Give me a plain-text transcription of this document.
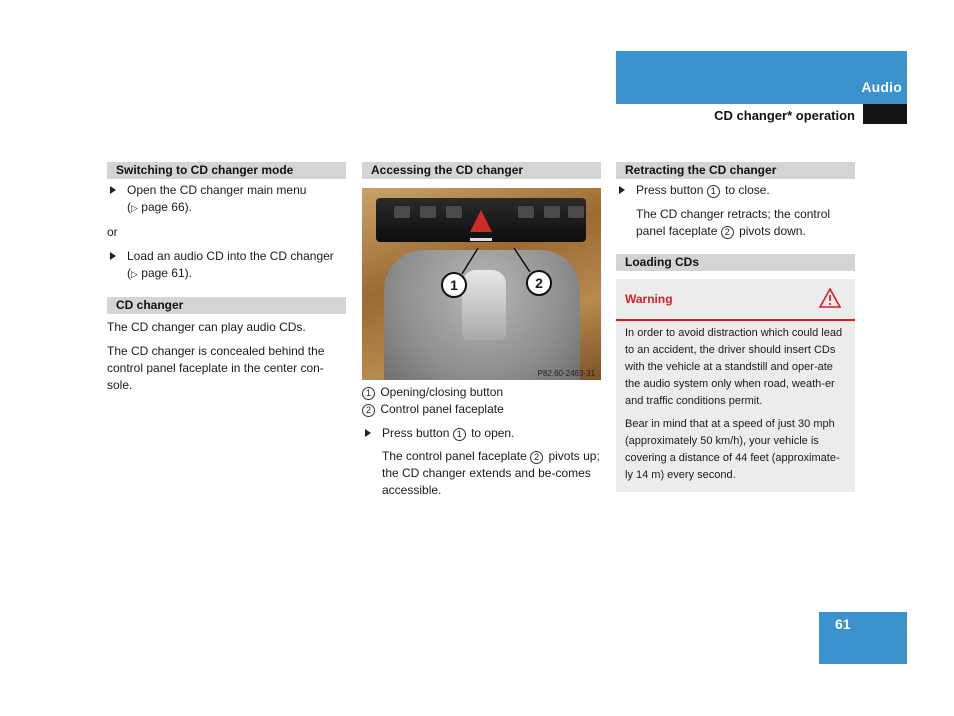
Audio
CD changer* operation
Switching to CD changer mode
Open the CD changer main menu
(▷ page 66).

or

Load an audio CD into the CD changer
(▷ page 61).
CD changer

The CD changer can play audio CDs.

The CD changer is concealed behind the control panel faceplate in the center con-sole.

Accessing the CD changer
1	2
P82.60-2463-31

1 Opening/closing button

2 Control panel faceplate

Press button 1 to open.

The control panel faceplate 2 pivots up; the CD changer extends and be-comes accessible.

Retracting the CD changer
Press button 1 to close.

The CD changer retracts; the control panel faceplate 2 pivots down.

Loading CDs
Warning

In order to avoid distraction which could lead to an accident, the driver should insert CDs with the vehicle at a standstill and oper-ate the audio system only when road, weath-er and traffic conditions permit.

Bear in mind that at a speed of just 30 mph (approximately 50 km/h), your vehicle is covering a distance of 44 feet (approximate-ly 14 m) every second.

61
